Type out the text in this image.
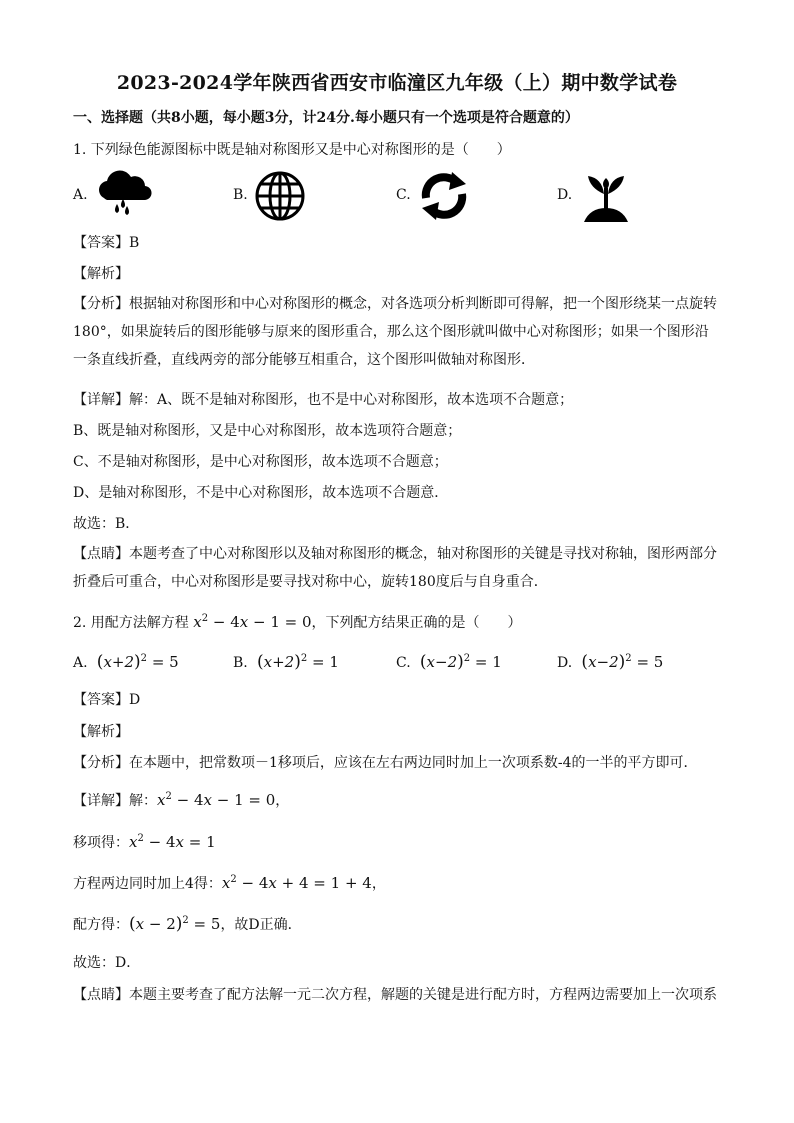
2023-2024学年陕西省西安市临潼区九年级（上）期中数学试卷
一、选择题（共8小题，每小题3分，计24分.每小题只有一个选项是符合题意的）
1. 下列绿色能源图标中既是轴对称图形又是中心对称图形的是（　　）
A.	B.	C.	D.
【答案】B
【解析】
【分析】根据轴对称图形和中心对称图形的概念，对各选项分析判断即可得解，把一个图形绕某一点旋转180°，如果旋转后的图形能够与原来的图形重合，那么这个图形就叫做中心对称图形；如果一个图形沿一条直线折叠，直线两旁的部分能够互相重合，这个图形叫做轴对称图形．
【详解】解：A、既不是轴对称图形，也不是中心对称图形，故本选项不合题意；
B、既是轴对称图形，又是中心对称图形，故本选项符合题意；
C、不是轴对称图形，是中心对称图形，故本选项不合题意；
D、是轴对称图形，不是中心对称图形，故本选项不合题意．
故选：B．
【点睛】本题考查了中心对称图形以及轴对称图形的概念，轴对称图形的关键是寻找对称轴，图形两部分折叠后可重合，中心对称图形是要寻找对称中心，旋转180度后与自身重合．
2. 用配方法解方程 $x^2 - 4x - 1 = 0$，下列配方结果正确的是（　　）
A. $(x+2)^2 = 5$	B. $(x+2)^2 = 1$	C. $(x-2)^2 = 1$	D. $(x-2)^2 = 5$
【答案】D
【解析】
【分析】在本题中，把常数项－1移项后，应该在左右两边同时加上一次项系数-4的一半的平方即可．
【详解】解：$x^2 - 4x - 1 = 0$，
移项得：$x^2 - 4x = 1$
方程两边同时加上4得：$x^2 - 4x + 4 = 1 + 4$，
配方得：$(x - 2)^2 = 5$，故D正确．
故选：D．
【点睛】本题主要考查了配方法解一元二次方程，解题的关键是进行配方时，方程两边需要加上一次项系
